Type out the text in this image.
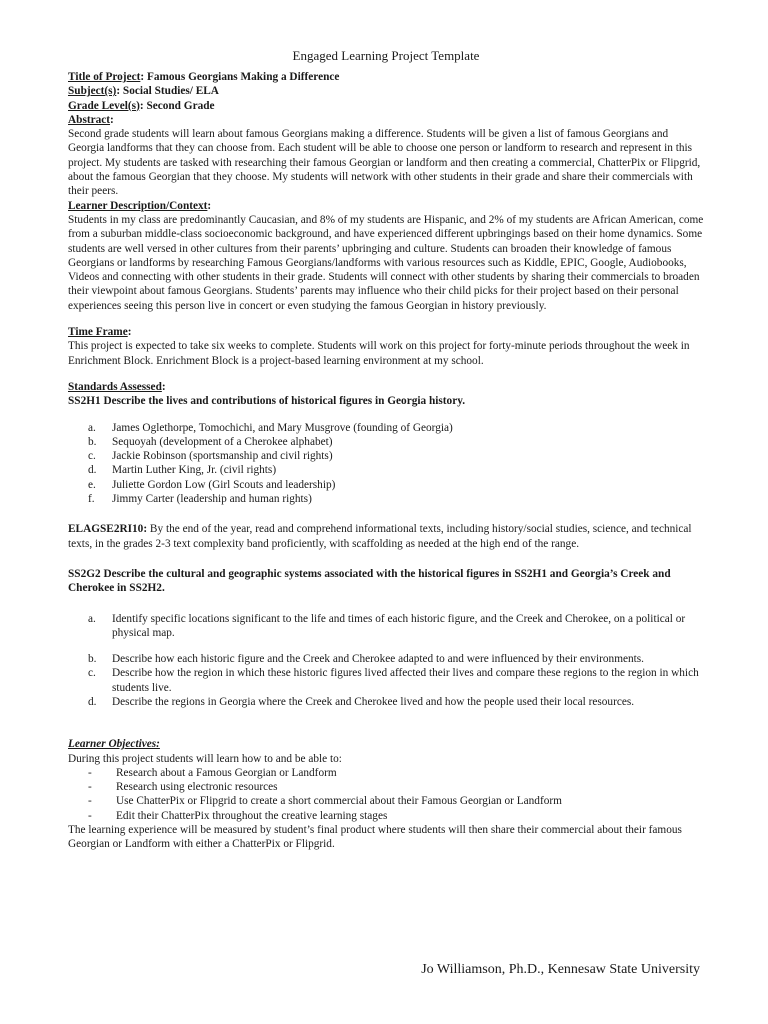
Engaged Learning Project Template

Title of Project: Famous Georgians Making a Difference

Subject(s): Social Studies/ ELA

Grade Level(s): Second Grade

Abstract:

Second grade students will learn about famous Georgians making a difference. Students will be given a list of famous Georgians and Georgia landforms that they can choose from. Each student will be able to choose one person or landform to research and represent in this project. My students are tasked with researching their famous Georgian or landform and then creating a commercial, ChatterPix or Flipgrid, about the famous Georgian that they choose. My students will network with other students in their grade and share their commercials with their peers.

Learner Description/Context:

Students in my class are predominantly Caucasian, and 8% of my students are Hispanic, and 2% of my students are African American, come from a suburban middle-class socioeconomic background, and have experienced different upbringings based on their home dynamics. Some students are well versed in other cultures from their parents’ upbringing and culture. Students can broaden their knowledge of famous Georgians or landforms by researching Famous Georgians/landforms with various resources such as Kiddle, EPIC, Google, Audiobooks, Videos and connecting with other students in their grade. Students will connect with other students by sharing their commercials to broaden their viewpoint about famous Georgians. Students’ parents may influence who their child picks for their project based on their personal experiences seeing this person live in concert or even studying the famous Georgian in history previously.

Time Frame:

This project is expected to take six weeks to complete. Students will work on this project for forty-minute periods throughout the week in Enrichment Block. Enrichment Block is a project-based learning environment at my school.

Standards Assessed:

SS2H1 Describe the lives and contributions of historical figures in Georgia history.

a.	James Oglethorpe, Tomochichi, and Mary Musgrove (founding of Georgia)
b.	Sequoyah (development of a Cherokee alphabet)
c.	Jackie Robinson (sportsmanship and civil rights)
d.	Martin Luther King, Jr. (civil rights)
e.	Juliette Gordon Low (Girl Scouts and leadership)
f.	Jimmy Carter (leadership and human rights)

ELAGSE2RI10: By the end of the year, read and comprehend informational texts, including history/social studies, science, and technical texts, in the grades 2-3 text complexity band proficiently, with scaffolding as needed at the high end of the range.

SS2G2 Describe the cultural and geographic systems associated with the historical figures in SS2H1 and Georgia’s Creek and Cherokee in SS2H2.

a.	Identify specific locations significant to the life and times of each historic figure, and the Creek and Cherokee, on a political or physical map.
b.	Describe how each historic figure and the Creek and Cherokee adapted to and were influenced by their environments.
c.	Describe how the region in which these historic figures lived affected their lives and compare these regions to the region in which students live.
d.	Describe the regions in Georgia where the Creek and Cherokee lived and how the people used their local resources.

Learner Objectives:

During this project students will learn how to and be able to:

-	Research about a Famous Georgian or Landform
-	Research using electronic resources
-	Use ChatterPix or Flipgrid to create a short commercial about their Famous Georgian or Landform
-	Edit their ChatterPix throughout the creative learning stages

The learning experience will be measured by student’s final product where students will then share their commercial about their famous Georgian or Landform with either a ChatterPix or Flipgrid.

Jo Williamson, Ph.D., Kennesaw State University
